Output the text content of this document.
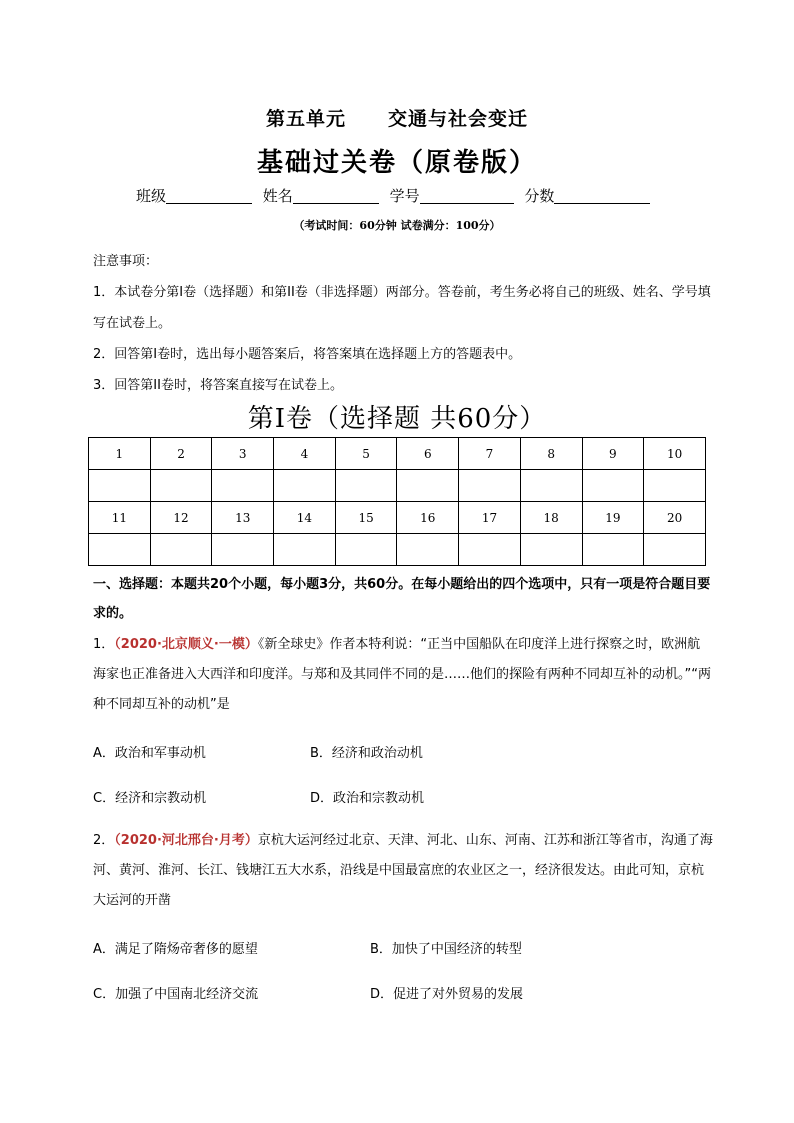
第五单元 交通与社会变迁
基础过关卷（原卷版）
班级	姓名	学号	分数
（考试时间：60分钟 试卷满分：100分）

注意事项：

1．本试卷分第I卷（选择题）和第II卷（非选择题）两部分。答卷前，考生务必将自己的班级、姓名、学号填写在试卷上。

2．回答第I卷时，选出每小题答案后，将答案填在选择题上方的答题表中。

3．回答第II卷时，将答案直接写在试卷上。

第I卷（选择题 共60分）
1	2	3	4	5	6	7	8	9	10

11	12	13	14	15	16	17	18	19	20

一、选择题：本题共20个小题，每小题3分，共60分。在每小题给出的四个选项中，只有一项是符合题目要求的。

1．（2020·北京顺义·一模）《新全球史》作者本特利说：“正当中国船队在印度洋上进行探察之时，欧洲航海家也正准备进入大西洋和印度洋。与郑和及其同伴不同的是……他们的探险有两种不同却互补的动机。”“两种不同却互补的动机”是

A．政治和军事动机	B．经济和政治动机
C．经济和宗教动机	D．政治和宗教动机

2．（2020·河北邢台·月考）京杭大运河经过北京、天津、河北、山东、河南、江苏和浙江等省市，沟通了海河、黄河、淮河、长江、钱塘江五大水系，沿线是中国最富庶的农业区之一，经济很发达。由此可知，京杭大运河的开凿

A．满足了隋炀帝奢侈的愿望	B．加快了中国经济的转型
C．加强了中国南北经济交流	D．促进了对外贸易的发展
